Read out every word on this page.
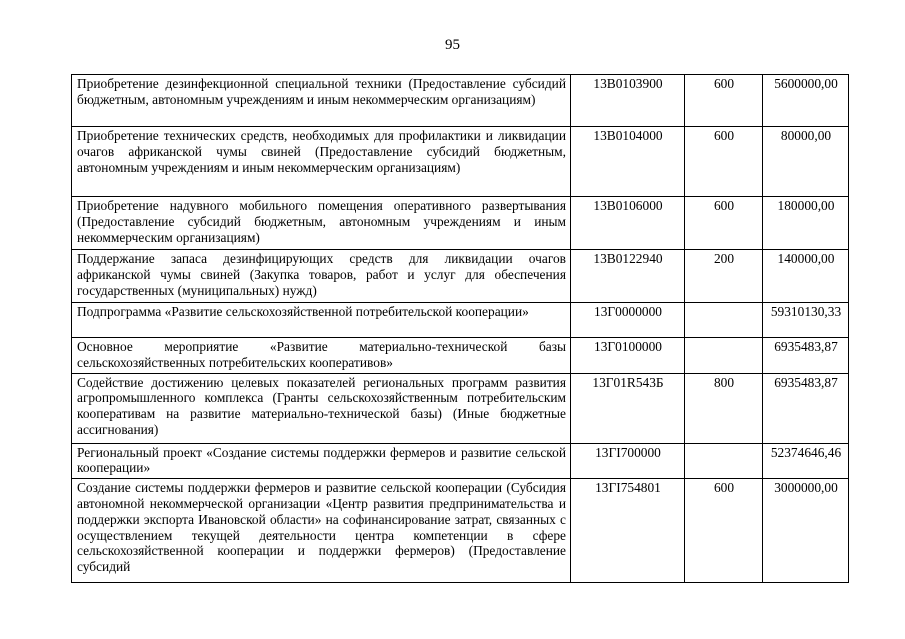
95
Приобретение дезинфекционной специальной техники (Предоставление субсидий бюджетным, автономным учреждениям и иным некоммерческим организациям)	13В0103900	600	5600000,00
Приобретение технических средств, необходимых для профилактики и ликвидации очагов африканской чумы свиней (Предоставление субсидий бюджетным, автономным учреждениям и иным некоммерческим организациям)	13В0104000	600	80000,00
Приобретение надувного мобильного помещения оперативного развертывания (Предоставление субсидий бюджетным, автономным учреждениям и иным некоммерческим организациям)	13В0106000	600	180000,00
Поддержание запаса дезинфицирующих средств для ликвидации очагов африканской чумы свиней (Закупка товаров, работ и услуг для обеспечения государственных (муниципальных) нужд)	13В0122940	200	140000,00
Подпрограмма «Развитие сельскохозяйственной потребительской кооперации»	13Г0000000		59310130,33
Основное мероприятие «Развитие материально-технической базы сельскохозяйственных потребительских кооперативов»	13Г0100000		6935483,87
Содействие достижению целевых показателей региональных программ развития агропромышленного комплекса (Гранты сельскохозяйственным потребительским кооперативам на развитие материально-технической базы) (Иные бюджетные ассигнования)	13Г01R543Б	800	6935483,87
Региональный проект «Создание системы поддержки фермеров и развитие сельской кооперации»	13ГI700000		52374646,46
Создание системы поддержки фермеров и развитие сельской кооперации (Субсидия автономной некоммерческой организации «Центр развития предпринимательства и поддержки экспорта Ивановской области» на софинансирование затрат, связанных с осуществлением текущей деятельности центра компетенции в сфере сельскохозяйственной кооперации и поддержки фермеров) (Предоставление субсидий	13ГI754801	600	3000000,00
